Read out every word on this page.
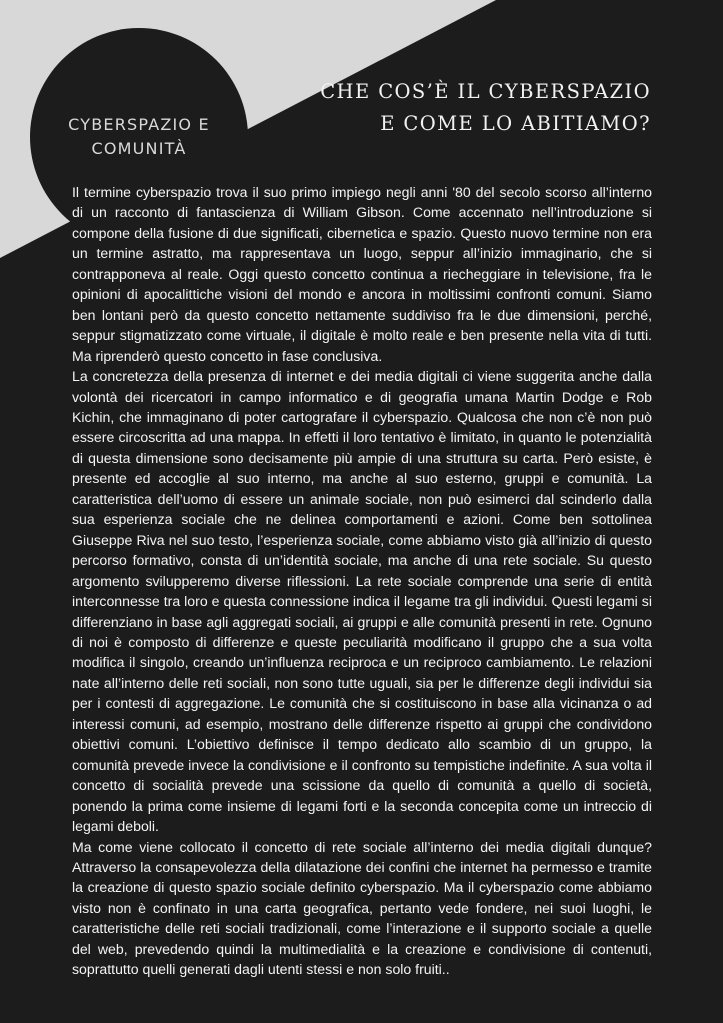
CYBERSPAZIO E COMUNITÀ
CHE COS’È IL CYBERSPAZIO E COME LO ABITIAMO?

Il termine cyberspazio trova il suo primo impiego negli anni '80 del secolo scorso all’interno di un racconto di fantascienza di William Gibson. Come accennato nell’introduzione si compone della fusione di due significati, cibernetica e spazio. Questo nuovo termine non era un termine astratto, ma rappresentava un luogo, seppur all’inizio immaginario, che si contrapponeva al reale. Oggi questo concetto continua a riecheggiare in televisione, fra le opinioni di apocalittiche visioni del mondo e ancora in moltissimi confronti comuni. Siamo ben lontani però da questo concetto nettamente suddiviso fra le due dimensioni, perché, seppur stigmatizzato come virtuale, il digitale è molto reale e ben presente nella vita di tutti. Ma riprenderò questo concetto in fase conclusiva.

La concretezza della presenza di internet e dei media digitali ci viene suggerita anche dalla volontà dei ricercatori in campo informatico e di geografia umana Martin Dodge e Rob Kichin, che immaginano di poter cartografare il cyberspazio. Qualcosa che non c’è non può essere circoscritta ad una mappa. In effetti il loro tentativo è limitato, in quanto le potenzialità di questa dimensione sono decisamente più ampie di una struttura su carta. Però esiste, è presente ed accoglie al suo interno, ma anche al suo esterno, gruppi e comunità. La caratteristica dell’uomo di essere un animale sociale, non può esimerci dal scinderlo dalla sua esperienza sociale che ne delinea comportamenti e azioni. Come ben sottolinea Giuseppe Riva nel suo testo, l’esperienza sociale, come abbiamo visto già all’inizio di questo percorso formativo, consta di un’identità sociale, ma anche di una rete sociale. Su questo argomento svilupperemo diverse riflessioni. La rete sociale comprende una serie di entità interconnesse tra loro e questa connessione indica il legame tra gli individui. Questi legami si differenziano in base agli aggregati sociali, ai gruppi e alle comunità presenti in rete. Ognuno di noi è composto di differenze e queste peculiarità modificano il gruppo che a sua volta modifica il singolo, creando un’influenza reciproca e un reciproco cambiamento. Le relazioni nate all’interno delle reti sociali, non sono tutte uguali, sia per le differenze degli individui sia per i contesti di aggregazione. Le comunità che si costituiscono in base alla vicinanza o ad interessi comuni, ad esempio, mostrano delle differenze rispetto ai gruppi che condividono obiettivi comuni. L’obiettivo definisce il tempo dedicato allo scambio di un gruppo, la comunità prevede invece la condivisione e il confronto su tempistiche indefinite. A sua volta il concetto di socialità prevede una scissione da quello di comunità a quello di società, ponendo la prima come insieme di legami forti e la seconda concepita come un intreccio di legami deboli.

Ma come viene collocato il concetto di rete sociale all’interno dei media digitali dunque? Attraverso la consapevolezza della dilatazione dei confini che internet ha permesso e tramite la creazione di questo spazio sociale definito cyberspazio. Ma il cyberspazio come abbiamo visto non è confinato in una carta geografica, pertanto vede fondere, nei suoi luoghi, le caratteristiche delle reti sociali tradizionali, come l’interazione e il supporto sociale a quelle del web, prevedendo quindi la multimedialità e la creazione e condivisione di contenuti, soprattutto quelli generati dagli utenti stessi e non solo fruiti..
